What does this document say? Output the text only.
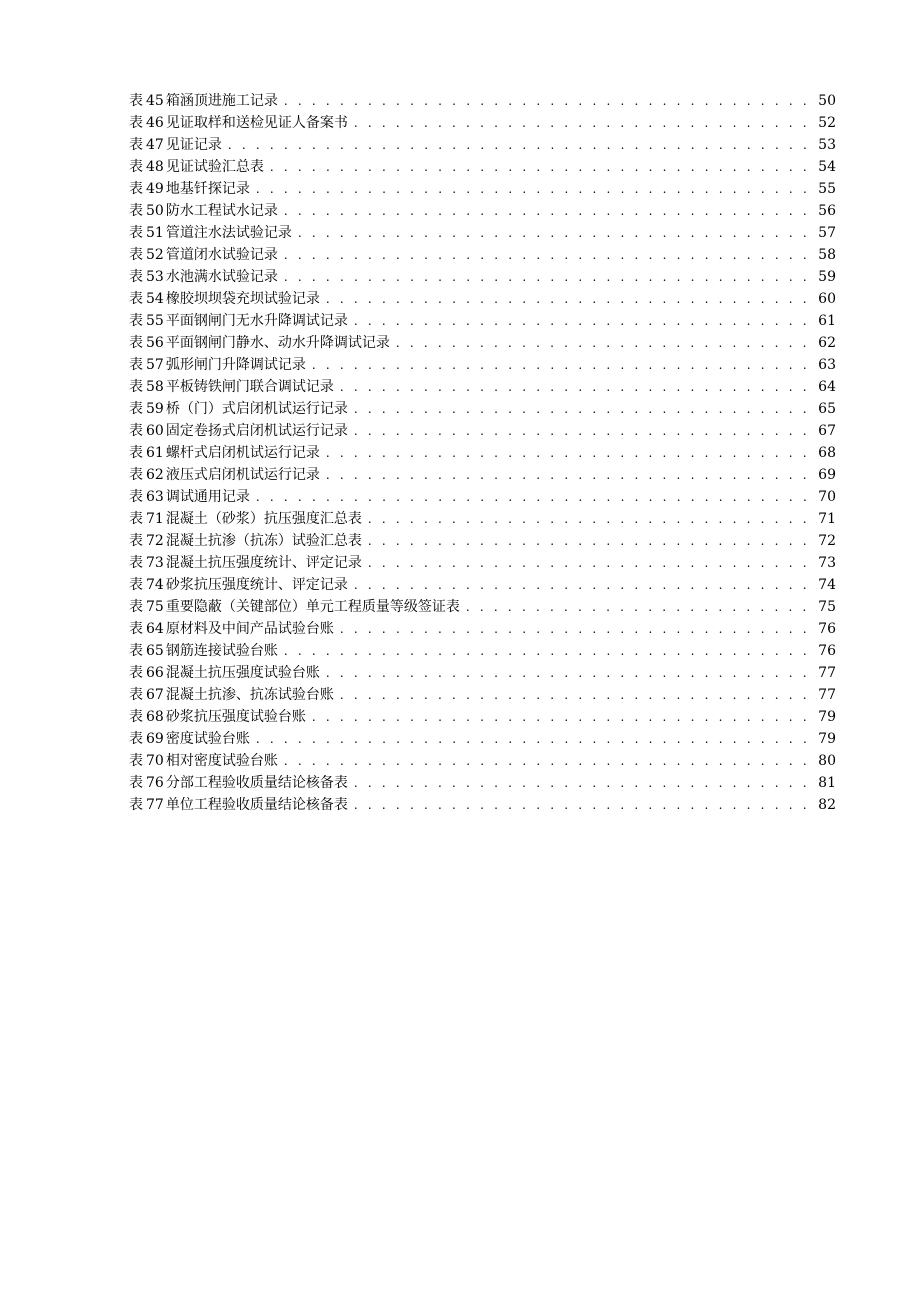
表 45 箱涵顶进施工记录 . . .	50
表 46 见证取样和送检见证人备案书 . . .	52
表 47 见证记录 . . .	53
表 48 见证试验汇总表 . . .	54
表 49 地基钎探记录 . . .	55
表 50 防水工程试水记录 . . .	56
表 51 管道注水法试验记录 . . .	57
表 52 管道闭水试验记录 . . .	58
表 53 水池满水试验记录 . . .	59
表 54 橡胶坝坝袋充坝试验记录 . . .	60
表 55 平面钢闸门无水升降调试记录 . . .	61
表 56 平面钢闸门静水、动水升降调试记录 . . .	62
表 57 弧形闸门升降调试记录 . . .	63
表 58 平板铸铁闸门联合调试记录 . . .	64
表 59 桥（门）式启闭机试运行记录 . . .	65
表 60 固定卷扬式启闭机试运行记录 . . .	67
表 61 螺杆式启闭机试运行记录 . . .	68
表 62 液压式启闭机试运行记录 . . .	69
表 63 调试通用记录 . . .	70
表 71 混凝土（砂浆）抗压强度汇总表 . . .	71
表 72 混凝土抗渗（抗冻）试验汇总表 . . .	72
表 73 混凝土抗压强度统计、评定记录 . . .	73
表 74 砂浆抗压强度统计、评定记录 . . .	74
表 75 重要隐蔽（关键部位）单元工程质量等级签证表 . . .	75
表 64 原材料及中间产品试验台账 . . .	76
表 65 钢筋连接试验台账 . . .	76
表 66 混凝土抗压强度试验台账 . . .	77
表 67 混凝土抗渗、抗冻试验台账 . . .	77
表 68 砂浆抗压强度试验台账 . . .	79
表 69 密度试验台账 . . .	79
表 70 相对密度试验台账 . . .	80
表 76 分部工程验收质量结论核备表 . . .	81
表 77 单位工程验收质量结论核备表 . . .	82
